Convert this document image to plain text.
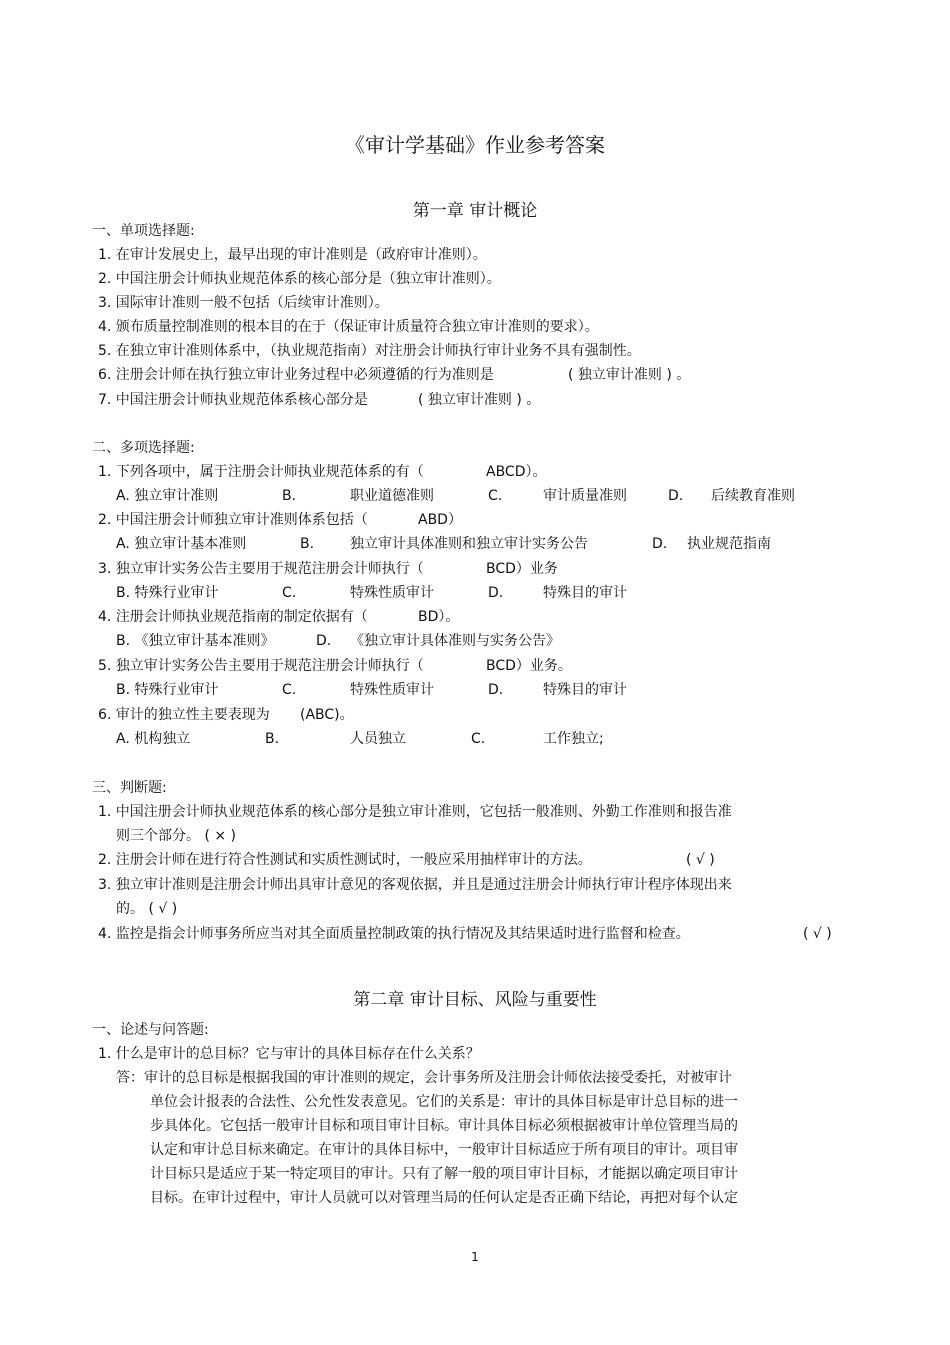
《审计学基础》作业参考答案
第一章 审计概论
一、单项选择题:
1. 在审计发展史上，最早出现的审计准则是（政府审计准则）。
2. 中国注册会计师执业规范体系的核心部分是（独立审计准则）。
3. 国际审计准则一般不包括（后续审计准则）。
4. 颁布质量控制准则的根本目的在于（保证审计质量符合独立审计准则的要求）。
5. 在独立审计准则体系中，（执业规范指南）对注册会计师执行审计业务不具有强制性。
6. 注册会计师在执行独立审计业务过程中必须遵循的行为准则是	( 独立审计准则 ) 。
7. 中国注册会计师执业规范体系核心部分是	( 独立审计准则 ) 。
二、多项选择题:
1. 下列各项中，属于注册会计师执业规范体系的有（	ABCD）。
A. 独立审计准则	B.	职业道德准则	C.	审计质量准则	D. 后续教育准则
2. 中国注册会计师独立审计准则体系包括（	ABD）
A. 独立审计基本准则	B.	独立审计具体准则和独立审计实务公告	D. 执业规范指南
3. 独立审计实务公告主要用于规范注册会计师执行（	BCD）业务
B. 特殊行业审计	C.	特殊性质审计	D.	特殊目的审计
4. 注册会计师执业规范指南的制定依据有（	BD）。
B. 《独立审计基本准则》	D. 《独立审计具体准则与实务公告》
5. 独立审计实务公告主要用于规范注册会计师执行（	BCD）业务。
B. 特殊行业审计	C.	特殊性质审计	D.	特殊目的审计
6. 审计的独立性主要表现为 (ABC)。
A. 机构独立	B.	人员独立	C.	工作独立;
三、判断题:
1. 中国注册会计师执业规范体系的核心部分是独立审计准则，它包括一般准则、外勤工作准则和报告准
则三个部分。 ( × )
2. 注册会计师在进行符合性测试和实质性测试时，一般应采用抽样审计的方法。	( √ )
3. 独立审计准则是注册会计师出具审计意见的客观依据，并且是通过注册会计师执行审计程序体现出来
的。 ( √ )
4. 监控是指会计师事务所应当对其全面质量控制政策的执行情况及其结果适时进行监督和检查。	( √ )
第二章 审计目标、风险与重要性
一、论述与问答题:
1. 什么是审计的总目标？它与审计的具体目标存在什么关系？
答：审计的总目标是根据我国的审计准则的规定，会计事务所及注册会计师依法接受委托，对被审计
单位会计报表的合法性、公允性发表意见。它们的关系是：审计的具体目标是审计总目标的进一
步具体化。它包括一般审计目标和项目审计目标。审计具体目标必须根据被审计单位管理当局的
认定和审计总目标来确定。在审计的具体目标中，一般审计目标适应于所有项目的审计。项目审
计目标只是适应于某一特定项目的审计。只有了解一般的项目审计目标，才能据以确定项目审计
目标。在审计过程中，审计人员就可以对管理当局的任何认定是否正确下结论，再把对每个认定
1
